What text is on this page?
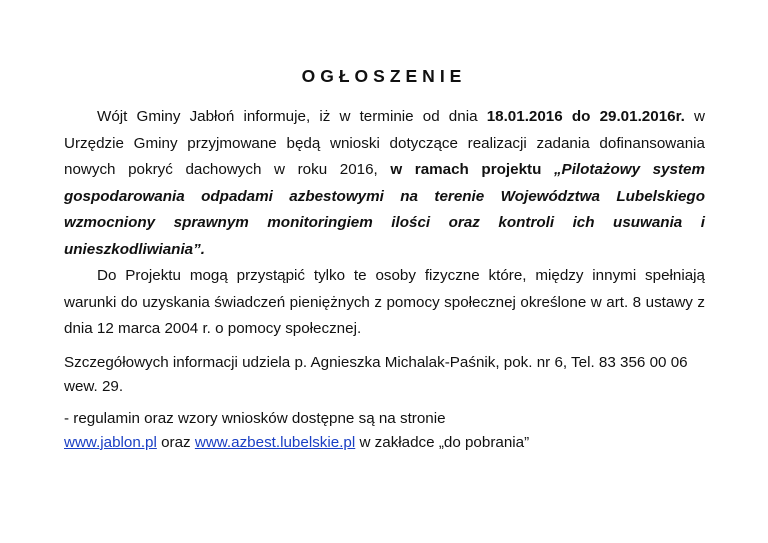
OGŁOSZENIE

Wójt Gminy Jabłoń informuje, iż w terminie od dnia 18.01.2016 do 29.01.2016r. w Urzędzie Gminy przyjmowane będą wnioski dotyczące realizacji zadania dofinansowania nowych pokryć dachowych w roku 2016, w ramach projektu „Pilotażowy system gospodarowania odpadami azbestowymi na terenie Województwa Lubelskiego wzmocniony sprawnym monitoringiem ilości oraz kontroli ich usuwania i unieszkodliwiania”.

Do Projektu mogą przystąpić tylko te osoby fizyczne które, między innymi spełniają warunki do uzyskania świadczeń pieniężnych z pomocy społecznej określone w art. 8 ustawy z dnia 12 marca 2004 r. o pomocy społecznej.

Szczegółowych informacji udziela p. Agnieszka Michalak-Paśnik, pok. nr 6, Tel. 83 356 00 06 wew. 29.

- regulamin oraz wzory wniosków dostępne są na stronie
www.jablon.pl oraz www.azbest.lubelskie.pl w zakładce „do pobrania”
